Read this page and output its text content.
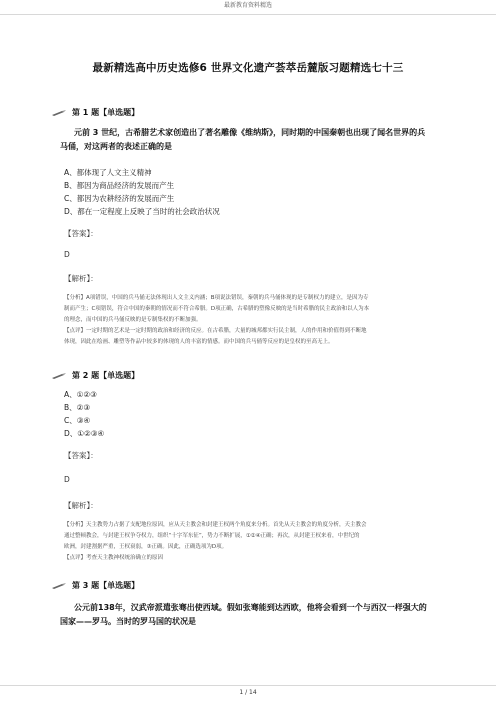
最新教育资料精选
最新精选高中历史选修6 世界文化遗产荟萃岳麓版习题精选七十三
第 1 题【单选题】
元前 3 世纪，古希腊艺术家创造出了著名雕像《维纳斯》，同时期的中国秦朝也出现了闻名世界的兵
马俑，对这两者的表述正确的是
A、都体现了人文主义精神
B、都因为商品经济的发展而产生
C、都因为农耕经济的发展而产生
D、都在一定程度上反映了当时的社会政治状况
【答案】：
D
【解析】：
【分析】A项错误，中国的兵马俑无法体现出人文主义内涵；B项说法错误，秦朝的兵马俑体现的是专制权力的建立，是因为专
制而产生；C项错误，符合中国的秦朝的情况而不符合希腊。D项正确，古希腊的塑像反映的是当时希腊的民主政治和以人为本
的理念，而中国的兵马俑反映的是专制集权的不断加强。
【点评】一定时期的艺术是一定时期的政治和经济的反应。在古希腊，大量的城邦都实行民主制，人的作用和价值得到不断地
体现，因此在绘画、雕塑等作品中较多的体现的人的丰富的情感。而中国的兵马俑等反应的是皇权的至高无上。
第 2 题【单选题】
A、①②③
B、②③
C、③④
D、①②③④
【答案】：
D
【解析】：
【分析】天主教势力占据了支配地位原因，应从天主教会和封建王权两个角度来分析。首先从天主教会的角度分析，天主教会
通过整顿教会，与封建王权争夺权力，组织“十字军东征”，势力不断扩展，①②④正确；再次，从封建王权来看，中世纪的
欧洲，封建割据严重，王权衰弱，③正确。因此，正确选项为D项。
【点评】考查天主教神权统治确立的原因
第 3 题【单选题】
公元前138年，汉武帝派遣张骞出使西域。假如张骞能到达西欧，他将会看到一个与西汉一样强大的
国家——罗马。当时的罗马国的状况是
1 / 14
